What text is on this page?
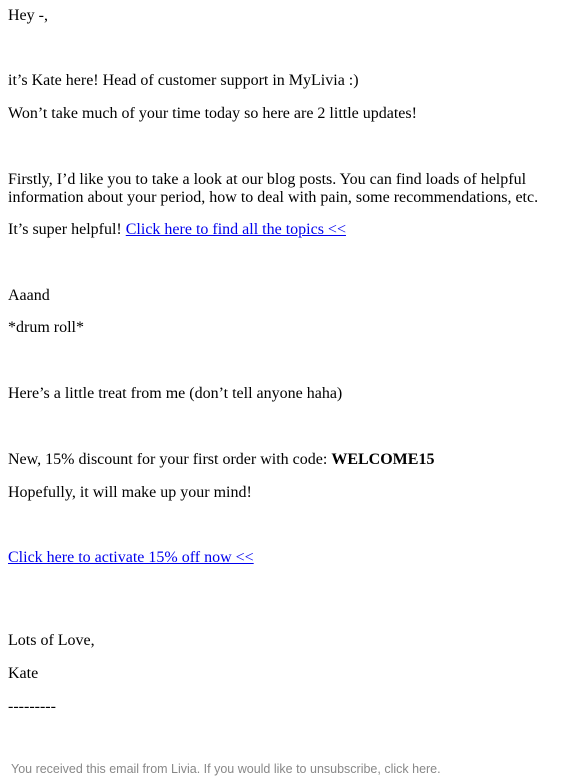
Hey -,

it’s Kate here! Head of customer support in MyLivia :)

Won’t take much of your time today so here are 2 little updates!

Firstly, I’d like you to take a look at our blog posts. You can find loads of helpful information about your period, how to deal with pain, some recommendations, etc.

It’s super helpful! Click here to find all the topics <<

Aaand

*drum roll*

Here’s a little treat from me (don’t tell anyone haha)

New, 15% discount for your first order with code: WELCOME15

Hopefully, it will make up your mind!

Click here to activate 15% off now <<

Lots of Love,

Kate

---------

You received this email from Livia. If you would like to unsubscribe, click here.
